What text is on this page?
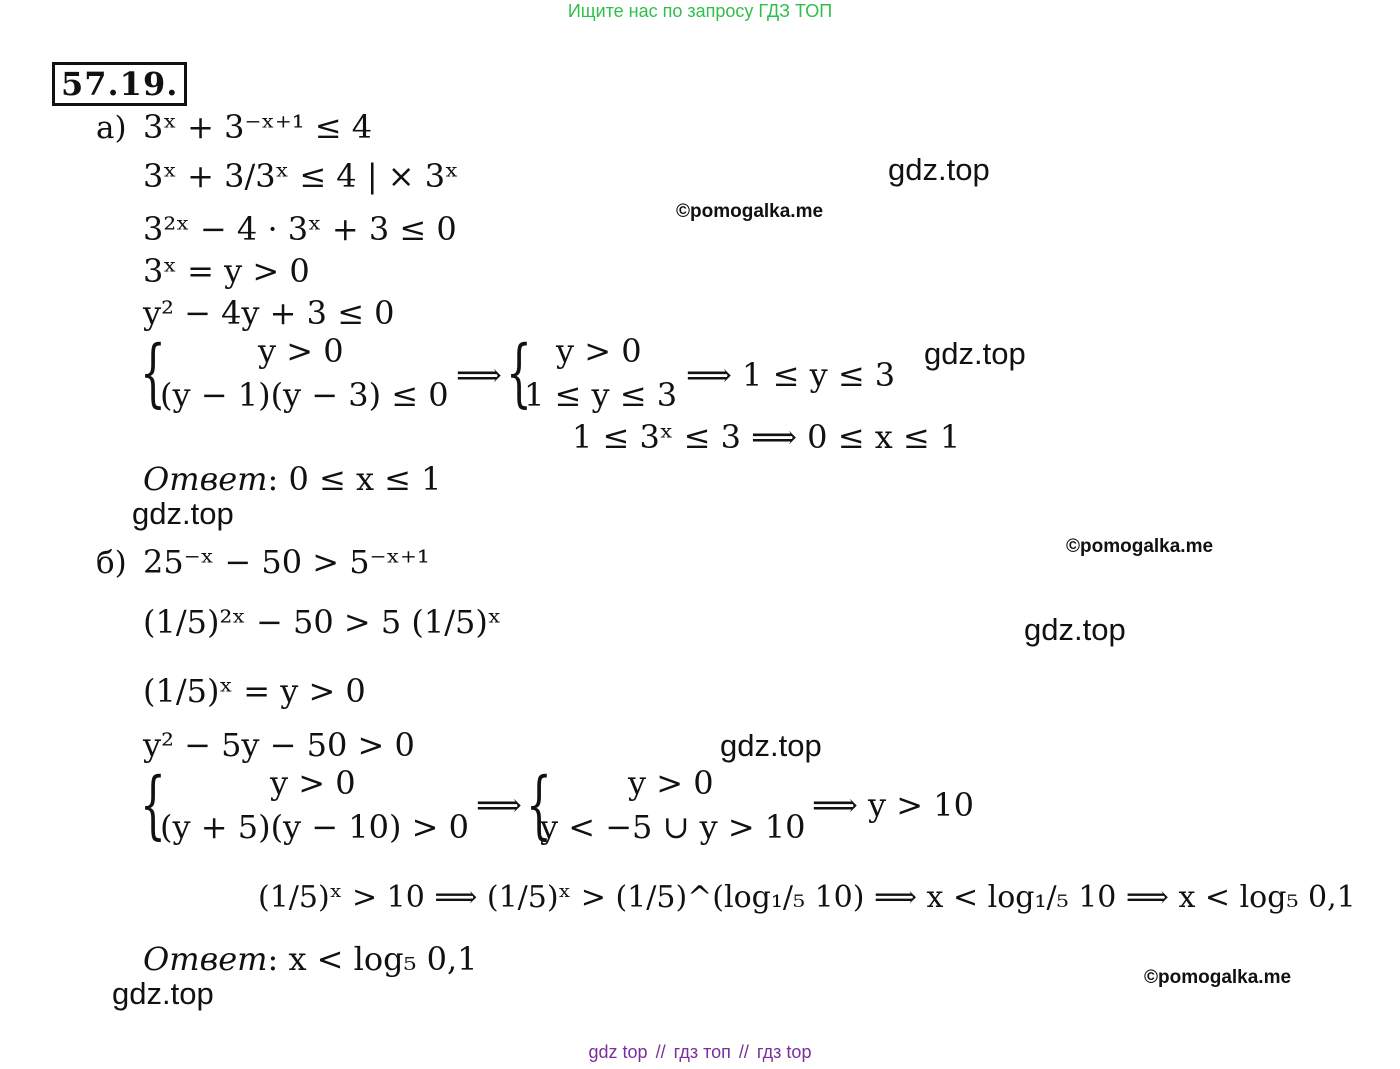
Ищите нас по запросу ГДЗ ТОП
57.19.
а) 3ˣ + 3⁻ˣ⁺¹ ≤ 4
3ˣ + 3/3ˣ ≤ 4 | × 3ˣ
3²ˣ − 4 · 3ˣ + 3 ≤ 0
3ˣ = y > 0
y² − 4y + 3 ≤ 0
{	y > 0
(y − 1)(y − 3) ≤ 0
⟹ { y > 0
1 ≤ y ≤ 3
⟹ 1 ≤ y ≤ 3
1 ≤ 3ˣ ≤ 3 ⟹ 0 ≤ x ≤ 1
Ответ: 0 ≤ x ≤ 1
б) 25⁻ˣ − 50 > 5⁻ˣ⁺¹
(1/5)²ˣ − 50 > 5 (1/5)ˣ
(1/5)ˣ = y > 0
y² − 5y − 50 > 0
{	y > 0
(y + 5)(y − 10) > 0
⟹ { y > 0
y < −5 ∪ y > 10
⟹ y > 10
(1/5)ˣ > 10 ⟹ (1/5)ˣ > (1/5)^(log₁/₅ 10) ⟹ x < log₁/₅ 10 ⟹ x < log₅ 0,1
Ответ: x < log₅ 0,1
gdz.top
©pomogalka.me
gdz.top
gdz.top
©pomogalka.me
gdz.top
gdz.top
©pomogalka.me
gdz.top
gdz top // гдз топ // гдз top
